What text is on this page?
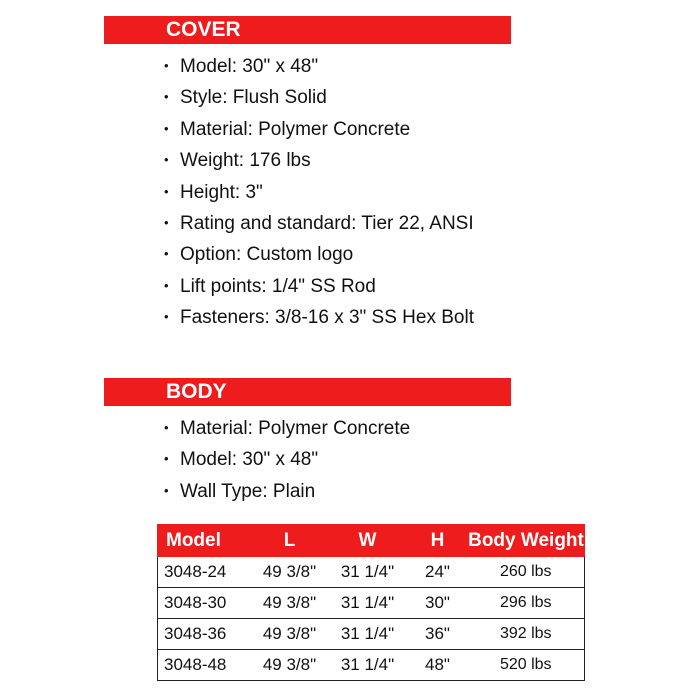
COVER
• Model: 30" x 48"
• Style: Flush Solid
• Material: Polymer Concrete
• Weight: 176 lbs
• Height: 3"
• Rating and standard: Tier 22, ANSI
• Option: Custom logo
• Lift points: 1/4" SS Rod
• Fasteners: 3/8-16 x 3" SS Hex Bolt
BODY
• Material: Polymer Concrete
• Model: 30" x 48"
• Wall Type: Plain
Model	L	W	H	Body Weight
3048-24	49 3/8"	31 1/4"	24"	260 lbs
3048-30	49 3/8"	31 1/4"	30"	296 lbs
3048-36	49 3/8"	31 1/4"	36"	392 lbs
3048-48	49 3/8"	31 1/4"	48"	520 lbs
